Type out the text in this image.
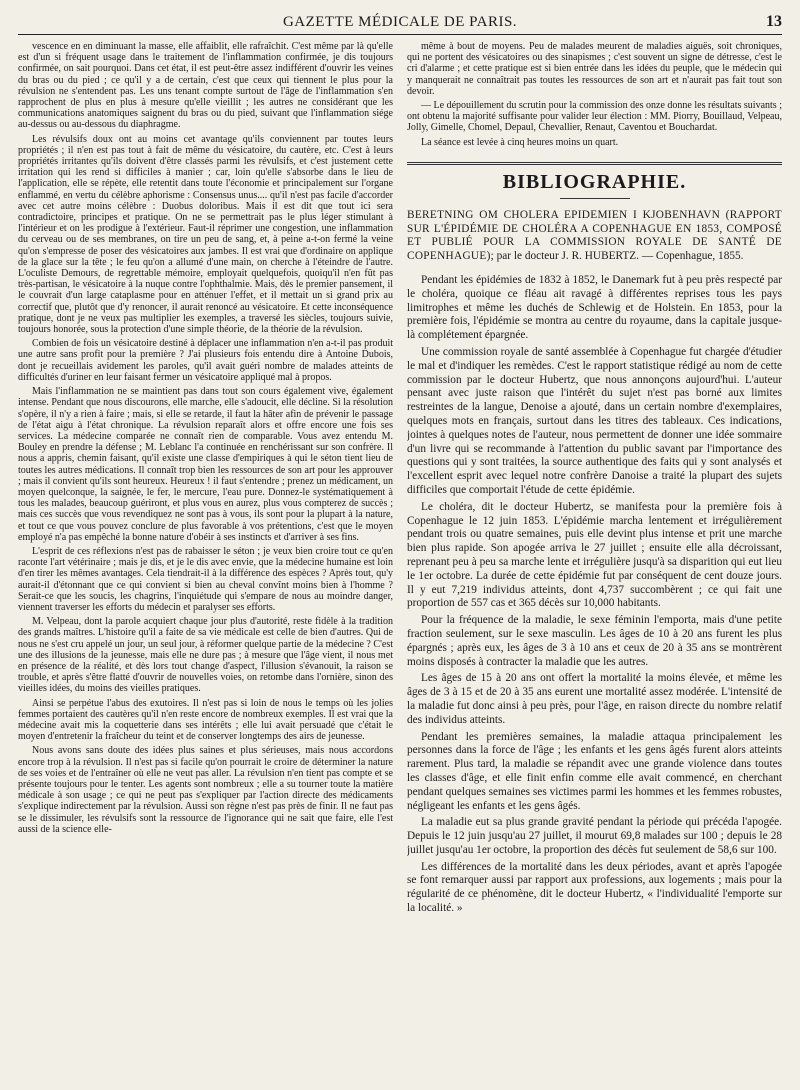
GAZETTE MÉDICALE DE PARIS.	13

vescence en en diminuant la masse, elle affaiblit, elle rafraîchit. C'est même par là qu'elle est d'un si fréquent usage dans le traitement de l'inflammation confirmée, je dis toujours confirmée, on sait pourquoi. Dans cet état, il est peut-être assez indifférent d'ouvrir les veines du bras ou du pied ; ce qu'il y a de certain, c'est que ceux qui tiennent le plus pour la révulsion ne s'entendent pas. Les uns tenant compte surtout de l'âge de l'inflammation s'en rapprochent de plus en plus à mesure qu'elle vieillit ; les autres ne considérant que les communications anatomiques saignent du bras ou du pied, suivant que l'inflammation siége au-dessus ou au-dessous du diaphragme.

Les révulsifs doux ont au moins cet avantage qu'ils conviennent par toutes leurs propriétés ; il n'en est pas tout à fait de même du vésicatoire, du cautère, etc. C'est à leurs propriétés irritantes qu'ils doivent d'être classés parmi les révulsifs, et c'est justement cette irritation qui les rend si difficiles à manier ; car, loin qu'elle s'absorbe dans le lieu de l'application, elle se répète, elle retentit dans toute l'économie et principalement sur l'organe enflammé, en vertu du célèbre aphorisme : Consensus unus.... qu'il n'est pas facile d'accorder avec cet autre moins célèbre : Duobus doloribus. Mais il est dit que tout ici sera contradictoire, principes et pratique. On ne se permettrait pas le plus léger stimulant à l'intérieur et on les prodigue à l'extérieur. Faut-il réprimer une congestion, une inflammation du cerveau ou de ses membranes, on tire un peu de sang, et, à peine a-t-on fermé la veine qu'on s'empresse de poser des vésicatoires aux jambes. Il est vrai que d'ordinaire on applique de la glace sur la tête ; le feu qu'on a allumé d'une main, on cherche à l'éteindre de l'autre. L'oculiste Demours, de regrettable mémoire, employait quelquefois, quoiqu'il n'en fût pas très-partisan, le vésicatoire à la nuque contre l'ophthalmie. Mais, dès le premier pansement, il le couvrait d'un large cataplasme pour en atténuer l'effet, et il mettait un si grand prix au correctif que, plutôt que d'y renoncer, il aurait renoncé au vésicatoire. Et cette inconséquence pratique, dont je ne veux pas multiplier les exemples, a traversé les siècles, toujours suivie, toujours honorée, sous la protection d'une simple théorie, de la théorie de la révulsion.

Combien de fois un vésicatoire destiné à déplacer une inflammation n'en a-t-il pas produit une autre sans profit pour la première ? J'ai plusieurs fois entendu dire à Antoine Dubois, dont je recueillais avidement les paroles, qu'il avait guéri nombre de malades atteints de difficultés d'uriner en leur faisant fermer un vésicatoire appliqué mal à propos.

Mais l'inflammation ne se maintient pas dans tout son cours également vive, également intense. Pendant que nous discourons, elle marche, elle s'adoucit, elle décline. Si la résolution s'opère, il n'y a rien à faire ; mais, si elle se retarde, il faut la hâter afin de prévenir le passage de l'état aigu à l'état chronique. La révulsion reparaît alors et offre encore une fois ses services. La médecine comparée ne connaît rien de comparable. Vous avez entendu M. Bouley en prendre la défense ; M. Leblanc l'a continuée en renchérissant sur son confrère. Il nous a appris, chemin faisant, qu'il existe une classe d'empiriques à qui le séton tient lieu de toutes les autres médications. Il connaît trop bien les ressources de son art pour les approuver ; mais il convient qu'ils sont heureux. Heureux ! il faut s'entendre ; prenez un médicament, un moyen quelconque, la saignée, le fer, le mercure, l'eau pure. Donnez-le systématiquement à tous les malades, beaucoup guériront, et plus vous en aurez, plus vous compterez de succès ; mais ces succès que vous revendiquez ne sont pas à vous, ils sont pour la plupart à la nature, et tout ce que vous pouvez conclure de plus favorable à vos prétentions, c'est que le moyen employé n'a pas empêché la bonne nature d'obéir à ses instincts et d'arriver à ses fins.

L'esprit de ces réflexions n'est pas de rabaisser le séton ; je veux bien croire tout ce qu'en raconte l'art vétérinaire ; mais je dis, et je le dis avec envie, que la médecine humaine est loin d'en tirer les mêmes avantages. Cela tiendrait-il à la différence des espèces ? Après tout, qu'y aurait-il d'étonnant que ce qui convient si bien au cheval convînt moins bien à l'homme ? Serait-ce que les soucis, les chagrins, l'inquiétude qui s'empare de nous au moindre danger, viennent traverser les efforts du médecin et paralyser ses efforts.

M. Velpeau, dont la parole acquiert chaque jour plus d'autorité, reste fidèle à la tradition des grands maîtres. L'histoire qu'il a faite de sa vie médicale est celle de bien d'autres. Qui de nous ne s'est cru appelé un jour, un seul jour, à réformer quelque partie de la médecine ? C'est une des illusions de la jeunesse, mais elle ne dure pas ; à mesure que l'âge vient, il nous met en présence de la réalité, et dès lors tout change d'aspect, l'illusion s'évanouit, la raison se trouble, et après s'être flatté d'ouvrir de nouvelles voies, on retombe dans l'ornière, sinon des vieilles idées, du moins des vieilles pratiques.

Ainsi se perpétue l'abus des exutoires. Il n'est pas si loin de nous le temps où les jolies femmes portaient des cautères qu'il n'en reste encore de nombreux exemples. Il est vrai que la médecine avait mis la coquetterie dans ses intérêts ; elle lui avait persuadé que c'était le moyen d'entretenir la fraîcheur du teint et de conserver longtemps des airs de jeunesse.

Nous avons sans doute des idées plus saines et plus sérieuses, mais nous accordons encore trop à la révulsion. Il n'est pas si facile qu'on pourrait le croire de déterminer la nature de ses voies et de l'entraîner où elle ne veut pas aller. La révulsion n'en tient pas compte et se présente toujours pour le tenter. Les agents sont nombreux ; elle a su tourner toute la matière médicale à son usage ; ce qui ne peut pas s'expliquer par l'action directe des médicaments s'explique indirectement par la révulsion. Aussi son règne n'est pas près de finir. Il ne faut pas se le dissimuler, les révulsifs sont la ressource de l'ignorance qui ne sait que faire, elle l'est aussi de la science elle-

même à bout de moyens. Peu de malades meurent de maladies aiguës, soit chroniques, qui ne portent des vésicatoires ou des sinapismes ; c'est souvent un signe de détresse, c'est le cri d'alarme ; et cette pratique est si bien entrée dans les idées du peuple, que le médecin qui y manquerait ne connaîtrait pas toutes les ressources de son art et n'aurait pas fait tout son devoir.

— Le dépouillement du scrutin pour la commission des onze donne les résultats suivants ; ont obtenu la majorité suffisante pour valider leur élection : MM. Piorry, Bouillaud, Velpeau, Jolly, Gimelle, Chomel, Depaul, Chevallier, Renaut, Caventou et Bouchardat.

La séance est levée à cinq heures moins un quart.

BIBLIOGRAPHIE.
BERETNING OM CHOLERA EPIDEMIEN I KJOBENHAVN (RAPPORT SUR L'ÉPIDÉMIE DE CHOLÉRA A COPENHAGUE EN 1853, COMPOSÉ ET PUBLIÉ POUR LA COMMISSION ROYALE DE SANTÉ DE COPENHAGUE); par le docteur J. R. HUBERTZ. — Copenhague, 1855.

Pendant les épidémies de 1832 à 1852, le Danemark fut à peu près respecté par le choléra, quoique ce fléau ait ravagé à différentes reprises tous les pays limitrophes et même les duchés de Schlewig et de Holstein. En 1853, pour la première fois, l'épidémie se montra au centre du royaume, dans la capitale jusque-là complétement épargnée.

Une commission royale de santé assemblée à Copenhague fut chargée d'étudier le mal et d'indiquer les remèdes. C'est le rapport statistique rédigé au nom de cette commission par le docteur Hubertz, que nous annonçons aujourd'hui. L'auteur pensant avec juste raison que l'intérêt du sujet n'est pas borné aux limites restreintes de la langue, Denoise a ajouté, dans un certain nombre d'exemplaires, quelques mots en français, surtout dans les titres des tableaux. Ces indications, jointes à quelques notes de l'auteur, nous permettent de donner une idée sommaire d'un livre qui se recommande à l'attention du public savant par l'importance des questions qui y sont traitées, la source authentique des faits qui y sont analysés et l'excellent esprit avec lequel notre confrère Danoise a traité la plupart des sujets difficiles que comportait l'étude de cette épidémie.

Le choléra, dit le docteur Hubertz, se manifesta pour la première fois à Copenhague le 12 juin 1853. L'épidémie marcha lentement et irrégulièrement pendant trois ou quatre semaines, puis elle devint plus intense et prit une marche bien plus rapide. Son apogée arriva le 27 juillet ; ensuite elle alla décroissant, reprenant peu à peu sa marche lente et irrégulière jusqu'à sa disparition qui eut lieu le 1er octobre. La durée de cette épidémie fut par conséquent de cent douze jours. Il y eut 7,219 individus atteints, dont 4,737 succombèrent ; ce qui fait une proportion de 557 cas et 365 décès sur 10,000 habitants.

Pour la fréquence de la maladie, le sexe féminin l'emporta, mais d'une petite fraction seulement, sur le sexe masculin. Les âges de 10 à 20 ans furent les plus épargnés ; après eux, les âges de 3 à 10 ans et ceux de 20 à 35 ans se montrèrent moins disposés à contracter la maladie que les autres.

Les âges de 15 à 20 ans ont offert la mortalité la moins élevée, et même les âges de 3 à 15 et de 20 à 35 ans eurent une mortalité assez modérée. L'intensité de la maladie fut donc ainsi à peu près, pour l'âge, en raison directe du nombre relatif des individus atteints.

Pendant les premières semaines, la maladie attaqua principalement les personnes dans la force de l'âge ; les enfants et les gens âgés furent alors atteints rarement. Plus tard, la maladie se répandit avec une grande violence dans toutes les classes d'âge, et elle finit enfin comme elle avait commencé, en cherchant pendant quelques semaines ses victimes parmi les hommes et les femmes robustes, négligeant les enfants et les gens âgés.

La maladie eut sa plus grande gravité pendant la période qui précéda l'apogée. Depuis le 12 juin jusqu'au 27 juillet, il mourut 69,8 malades sur 100 ; depuis le 28 juillet jusqu'au 1er octobre, la proportion des décès fut seulement de 58,6 sur 100.

Les différences de la mortalité dans les deux périodes, avant et après l'apogée se font remarquer aussi par rapport aux professions, aux logements ; mais pour la régularité de ce phénomène, dit le docteur Hubertz, « l'individualité l'emporte sur la localité. »
